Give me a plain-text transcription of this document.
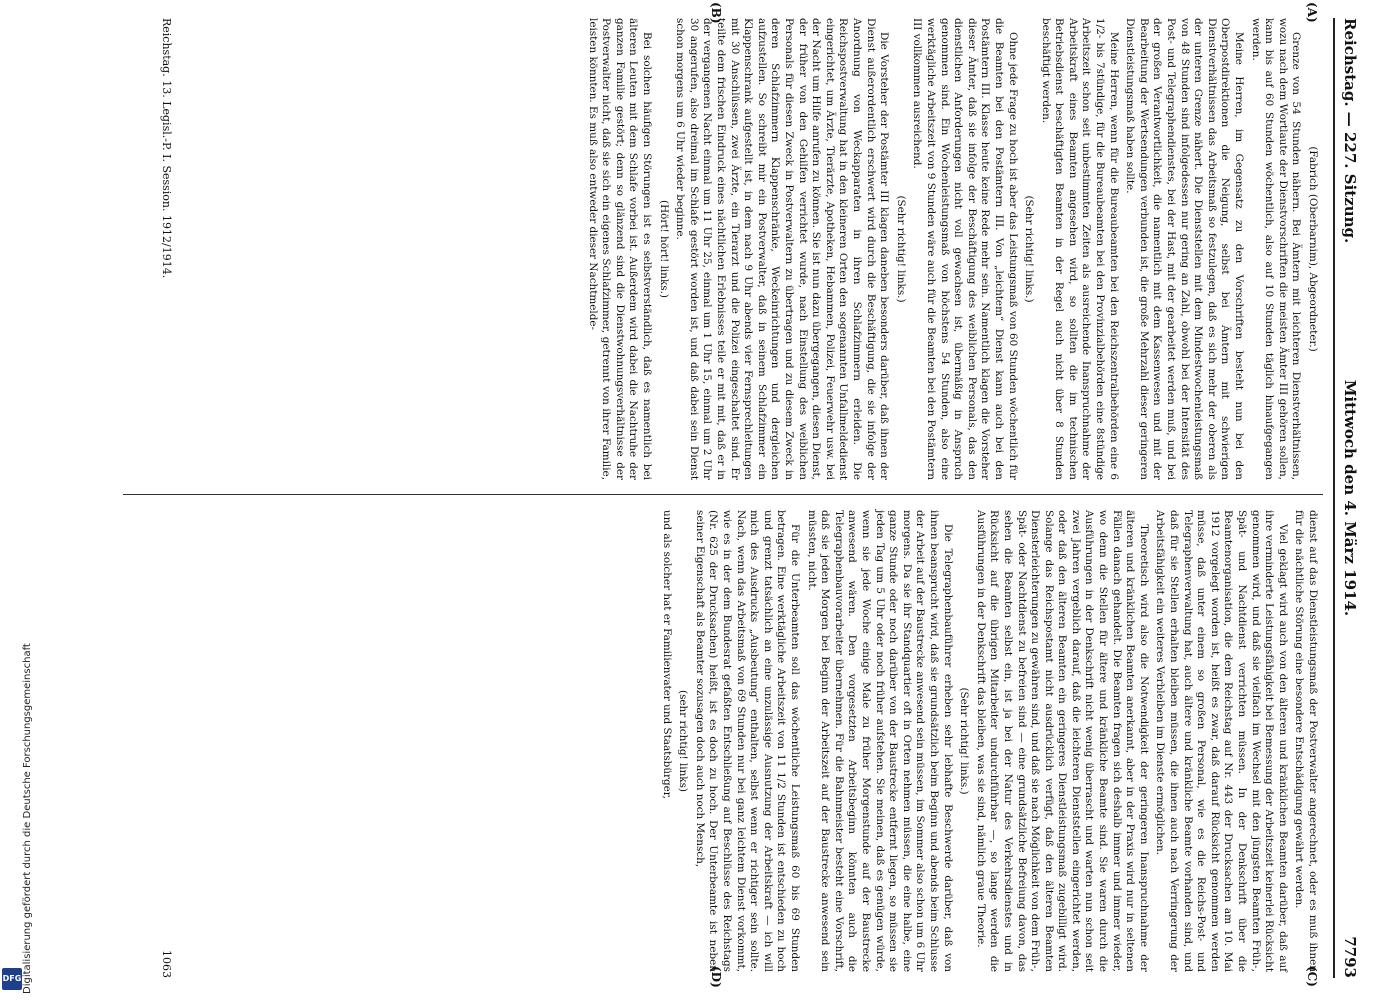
DFG Digitalisierung gefördert durch die Deutsche Forschungsgemeinschaft
Reichstag. — 227. Sitzung.
Mittwoch den 4. März 1914.
7793
(A)
(B)
(C)
(D)

(Fabrich (Oberbarnim), Abgeordneter.)

Grenze von 54 Stunden nähern. Bei Ämtern mit leichteren Dienstverhältnissen, wozu nach dem Wortlaute der Dienstvorschriften die meisten Ämter III gehören sollen, kann bis auf 60 Stunden wöchentlich, also auf 10 Stunden täglich hinaufgegangen werden.

Meine Herren, im Gegensatz zu den Vorschriften besteht nun bei den Oberpostdirektionen die Neigung, selbst bei Ämtern mit schwierigen Dienstverhältnissen das Arbeitsmaß so festzulegen, daß es sich mehr der oberen als der unteren Grenze nähert. Die Dienststellen mit dem Mindestwochenleistungsmaß von 48 Stunden sind infolgedessen nur gering an Zahl, obwohl bei der Intensität des Post- und Telegraphendienstes, bei der Hast, mit der gearbeitet werden muß, und bei der großen Verantwortlichkeit, die namentlich mit dem Kassenwesen und mit der Bearbeitung der Wertsendungen verbunden ist, die große Mehrzahl dieser geringeren Dienstleistungsmaß haben sollte.

Meine Herren, wenn für die Bureaubeamten bei den Reichszentralbehörden eine 6 1/2- bis 7stündige, für die Bureaubeamten bei den Provinzialbehörden eine 8stündige Arbeitszeit schon seit unbestimmten Zeiten als ausreichende Inanspruchnahme der Arbeitskraft eines Beamten angesehen wird, so sollten die im technischen Betriebsdienst beschäftigten Beamten in der Regel auch nicht über 8 Stunden beschäftigt werden.

(Sehr richtig! links.)

Ohne jede Frage zu hoch ist aber das Leistungsmaß von 60 Stunden wöchentlich für die Beamten bei den Postämtern III. Von „leichtem“ Dienst kann auch bei den Postämtern III. Klasse heute keine Rede mehr sein. Namentlich klagen die Vorsteher dieser Ämter, daß sie infolge der Beschäftigung des weiblichen Personals, das den dienstlichen Anforderungen nicht voll gewachsen ist, übermäßig in Anspruch genommen sind. Ein Wochenleistungsmaß von höchstens 54 Stunden, also eine werktägliche Arbeitszeit von 9 Stunden wäre auch für die Beamten bei den Postämtern III vollkommen ausreichend.

(Sehr richtig! links.)

Die Vorsteher der Postämter III klagen daneben besonders darüber, daß ihnen der Dienst außerordentlich erschwert wird durch die Beschäftigung, die sie infolge der Anordnung von Weckapparaten in ihren Schlafzimmern erleiden. Die Reichspostverwaltung hat in den kleineren Orten den sogenannten Unfallmeldedienst eingerichtet, um Ärzte, Tierärzte, Apotheken, Hebammen, Polizei, Feuerwehr usw. bei der Nacht um Hilfe anrufen zu können. Sie ist nun dazu übergegangen, diesen Dienst, der früher von den Gehilfen verrichtet wurde, nach Einstellung des weiblichen Personals für diesen Zweck in Postverwaltern zu übertragen und zu diesem Zweck in deren Schlafzimmern Klappenschränke, Weckeinrichtungen und dergleichen aufzustellen. So schreibt mir ein Postverwalter, daß in seinem Schlafzimmer ein Klappenschrank aufgestellt ist, in dem nach 9 Uhr abends vier Fernsprechleitungen mit 30 Anschlüssen, zwei Ärzte, ein Tierarzt und die Polizei eingeschaltet sind. Er teilte dem frischen Eindruck eines nächtlichen Erlebnisses teile er mit mit, daß er in der vergangenen Nacht einmal um 11 Uhr 25, einmal um 1 Uhr 15, einmal um 2 Uhr 30 angerufen, also dreimal im Schlafe gestört worden ist, und daß dabei sein Dienst schon morgens um 6 Uhr wieder beginne.

(Hört! hört! links.)

Bei solchen häufigen Störungen ist es selbstverständlich, daß es namentlich bei älteren Leuten mit dem Schlafe vorbei ist. Außerdem wird dabei die Nachtruhe der ganzen Familie gestört; denn so glänzend sind die Dienstwohnungsverhältnisse der Postverwalter nicht, daß sie sich ein eigenes Schlafzimmer, getrennt von ihrer Familie, leisten könnten. Es muß also entweder dieser Nachtmelde-

dienst auf das Dienstleistungsmaß der Postverwalter angerechnet, oder es muß ihnen für die nächtliche Störung eine besondere Entschädigung gewährt werden.

Viel geklagt wird auch von den älteren und kränklichen Beamten darüber, daß auf ihre verminderte Leistungsfähigkeit bei Bemessung der Arbeitszeit keinerlei Rücksicht genommen wird, und daß sie vielfach im Wechsel mit den jüngsten Beamten Früh-, Spät- und Nachtdienst verrichten müssen. In der Denkschrift über die Beamtenorganisation, die dem Reichstag auf Nr. 443 der Drucksachen am 10. Mai 1912 vorgelegt worden ist, heißt es zwar, daß darauf Rücksicht genommen werden müsse, daß unter einem so großen Personal, wie es die Reichs-Post- und Telegraphenverwaltung hat, auch ältere und kränkliche Beamte vorhanden sind, und daß für sie Stellen erhalten bleiben müssen, die ihnen auch nach Verringerung der Arbeitsfähigkeit ein weiteres Verbleiben im Dienste ermöglichen.

Theoretisch wird also die Notwendigkeit der geringeren Inanspruchnahme der älteren und kränklichen Beamten anerkannt, aber in der Praxis wird nur in seltenen Fällen danach gehandelt. Die Beamten fragen sich deshalb immer und immer wieder, wo denn die Stellen für ältere und kränkliche Beamte sind. Sie waren durch die Ausführungen in der Denkschrift nicht wenig überrascht und warten nun schon seit zwei Jahren vergeblich darauf, daß die leichteren Dienststellen eingerichtet werden, oder daß den älteren Beamten ein geringeres Dienstleistungsmaß zugebilligt wird. Solange das Reichspostamt nicht ausdrücklich verfügt, daß den älteren Beamten Diensterleichterungen zu gewähren sind, und daß sie nach Möglichkeit von dem Früh-, Spät- oder Nachtdienst zu befreien sind — eine grundsätzliche Befreiung davon, das sehen die Beamten selbst ein, ist ja bei der Natur des Verkehrsdienstes und in Rücksicht auf die übrigen Mitarbeiter undurchführbar —, so lange werden die Ausführungen in der Denkschrift das bleiben, was sie sind, nämlich graue Theorie.

(Sehr richtig! links.)

Die Telegraphenbauführer erheben sehr lebhafte Beschwerde darüber, daß von ihnen beansprucht wird, daß sie grundsätzlich beim Beginn und abends beim Schlusse der Arbeit auf der Baustrecke anwesend sein müssen, im Sommer also schon um 6 Uhr morgens. Da sie ihr Standquartier oft in Orten nehmen müssen, die eine halbe, eine ganze Stunde oder noch darüber von der Baustrecke entfernt liegen, so müssen sie jeden Tag um 5 Uhr oder noch früher aufstehen. Sie meinen, daß es genügen würde, wenn sie jede Woche einige Male zu früher Morgenstunde auf der Baustrecke anwesend wären. Den vorgesetzten Arbeitsbeginn könnten auch die Telegraphenbauvorarbeiter übernehmen. Für die Bahnmeister besteht eine Vorschrift, daß sie jeden Morgen bei Beginn der Arbeitszeit auf der Baustrecke anwesend sein müssten, nicht.

Für die Unterbeamten soll das wöchentliche Leistungsmaß 60 bis 69 Stunden betragen. Eine werktägliche Arbeitszeit von 11 1/2 Stunden ist entschieden zu hoch und grenzt tatsächlich an eine unzulässige Ausnutzung der Arbeitskraft — ich will mich des Ausdrucks „Ausbeutung“ enthalten, selbst wenn er richtiger sein sollte. Nach, wenn das Arbeitsmaß von 69 Stunden nur bei ganz leichtem Dienst vorkommt, wie es in der dem Bundesrat gefaßten Entschließung auf Beschlüsse des Reichstags (Nr. 625 der Drucksachen) heißt, ist es doch zu hoch. Der Unterbeamte ist neben seiner Eigenschaft als Beamter sozusagen doch auch noch Mensch,

(sehr richtig! links)

und als solcher hat er Familienvater und Staatsbürger,

Reichstag. 13. Legisl.-P. I. Session. 1912/1914.
1063
